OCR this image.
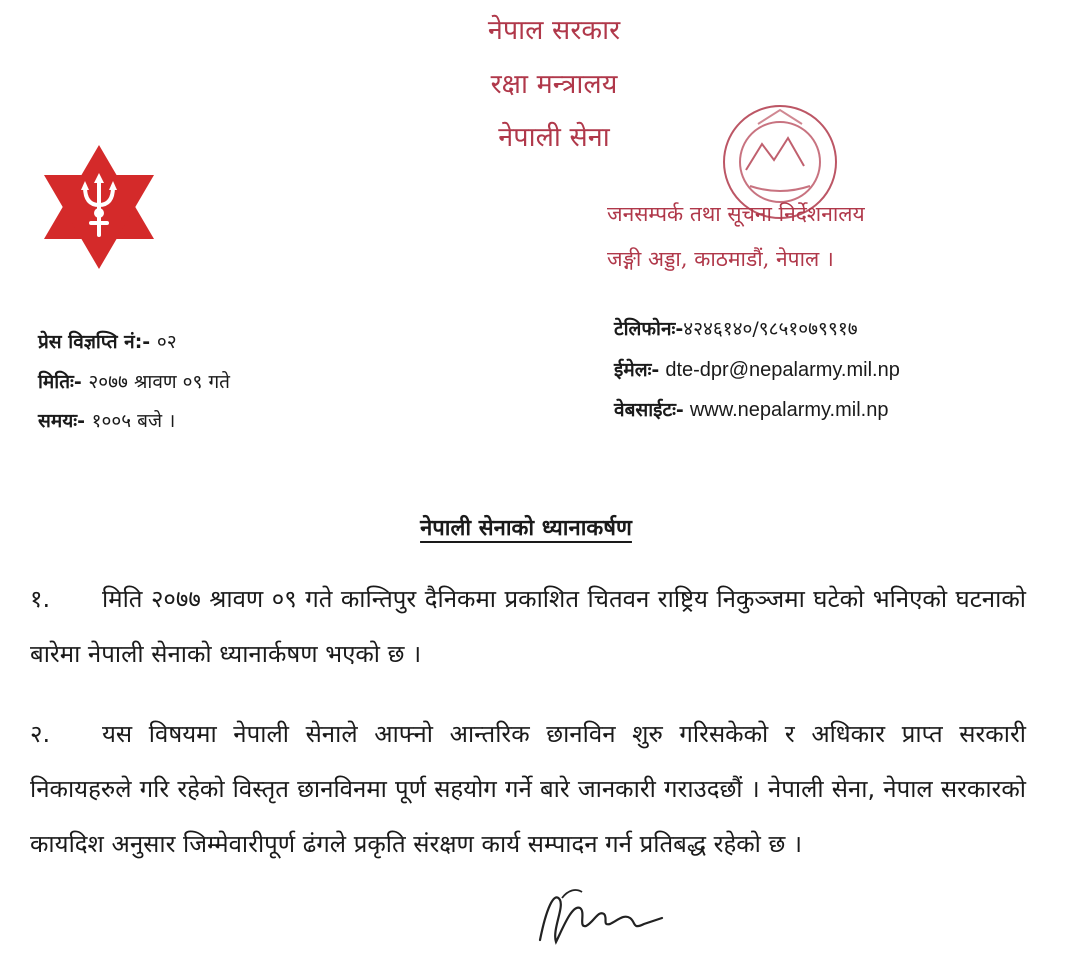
नेपाल सरकार
रक्षा मन्त्रालय
नेपाली सेना
जनसम्पर्क तथा सूचना निर्देशनालय
जङ्गी अड्डा, काठमाडौं, नेपाल ।
प्रेस विज्ञप्ति नं:- ०२
मितिः- २०७७ श्रावण ०९ गते
समयः- १००५ बजे ।
टेलिफोनः-४२४६१४०/९८५१०७९९१७
ईमेलः- dte-dpr@nepalarmy.mil.np
वेबसाईटः- www.nepalarmy.mil.np
नेपाली सेनाको ध्यानाकर्षण
१. मिति २०७७ श्रावण ०९ गते कान्तिपुर दैनिकमा प्रकाशित चितवन राष्ट्रिय निकुञ्जमा घटेको भनिएको घटनाको बारेमा नेपाली सेनाको ध्यानार्कषण भएको छ ।
२. यस विषयमा नेपाली सेनाले आफ्नो आन्तरिक छानविन शुरु गरिसकेको र अधिकार प्राप्त सरकारी निकायहरुले गरि रहेको विस्तृत छानविनमा पूर्ण सहयोग गर्ने बारे जानकारी गराउदछौं । नेपाली सेना, नेपाल सरकारको कायदिश अनुसार जिम्मेवारीपूर्ण ढंगले प्रकृति संरक्षण कार्य सम्पादन गर्न प्रतिबद्ध रहेको छ ।
